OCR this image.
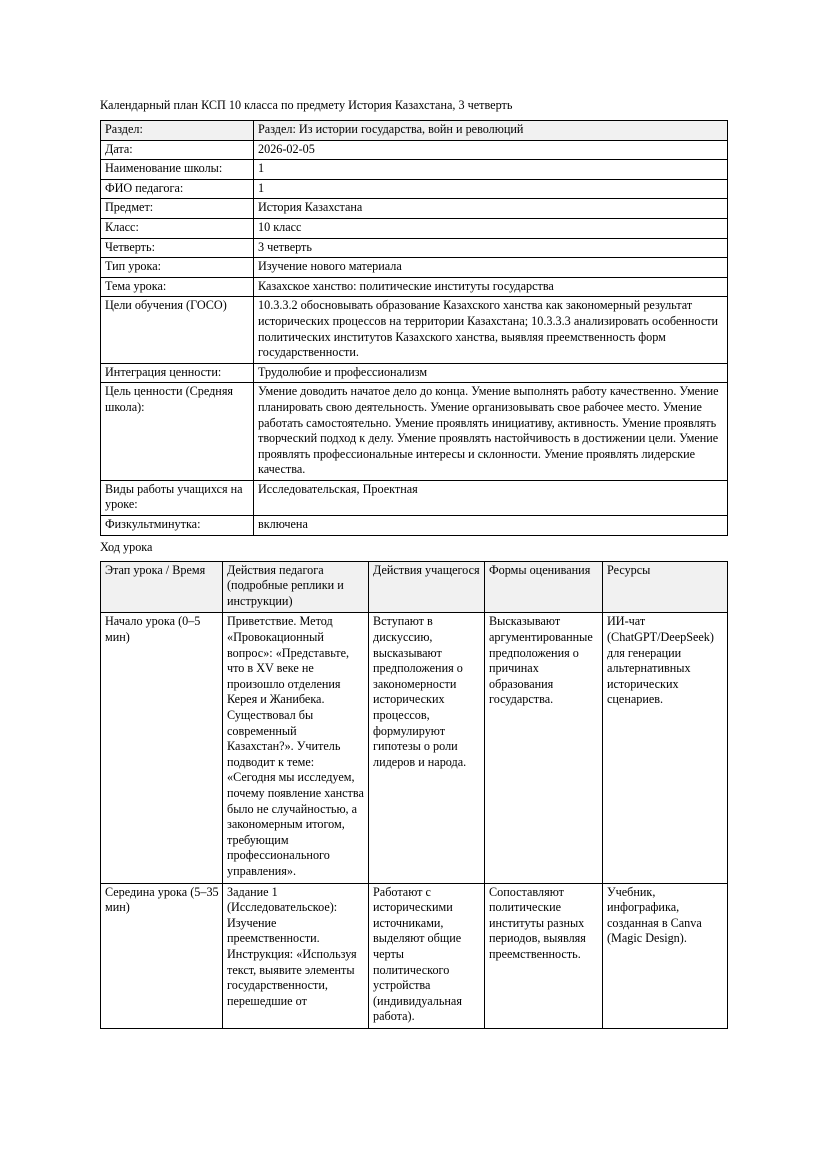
Календарный план КСП 10 класса по предмету История Казахстана, 3 четверть

Раздел:	Раздел: Из истории государства, войн и революций
Дата:	2026-02-05
Наименование школы:	1
ФИО педагога:	1
Предмет:	История Казахстана
Класс:	10 класс
Четверть:	3 четверть
Тип урока:	Изучение нового материала
Тема урока:	Казахское ханство: политические институты государства
Цели обучения (ГОСО)	10.3.3.2 обосновывать образование Казахского ханства как закономерный результат исторических процессов на территории Казахстана; 10.3.3.3 анализировать особенности политических институтов Казахского ханства, выявляя преемственность форм государственности.
Интеграция ценности:	Трудолюбие и профессионализм
Цель ценности (Средняя школа):	Умение доводить начатое дело до конца. Умение выполнять работу качественно. Умение планировать свою деятельность. Умение организовывать свое рабочее место. Умение работать самостоятельно. Умение проявлять инициативу, активность. Умение проявлять творческий подход к делу. Умение проявлять настойчивость в достижении цели. Умение проявлять профессиональные интересы и склонности. Умение проявлять лидерские качества.
Виды работы учащихся на уроке:	Исследовательская, Проектная
Физкультминутка:	включена

Ход урока

Этап урока / Время	Действия педагога (подробные реплики и инструкции)	Действия учащегося	Формы оценивания	Ресурсы
Начало урока (0–5 мин)	Приветствие. Метод «Провокационный вопрос»: «Представьте, что в XV веке не произошло отделения Керея и Жанибека. Существовал бы современный Казахстан?». Учитель подводит к теме: «Сегодня мы исследуем, почему появление ханства было не случайностью, а закономерным итогом, требующим профессионального управления».	Вступают в дискуссию, высказывают предположения о закономерности исторических процессов, формулируют гипотезы о роли лидеров и народа.	Высказывают аргументированные предположения о причинах образования государства.	ИИ-чат (ChatGPT/DeepSeek) для генерации альтернативных исторических сценариев.
Середина урока (5–35 мин)	Задание 1 (Исследовательское): Изучение преемственности. Инструкция: «Используя текст, выявите элементы государственности, перешедшие от	Работают с историческими источниками, выделяют общие черты политического устройства (индивидуальная работа).	Сопоставляют политические институты разных периодов, выявляя преемственность.	Учебник, инфографика, созданная в Canva (Magic Design).
